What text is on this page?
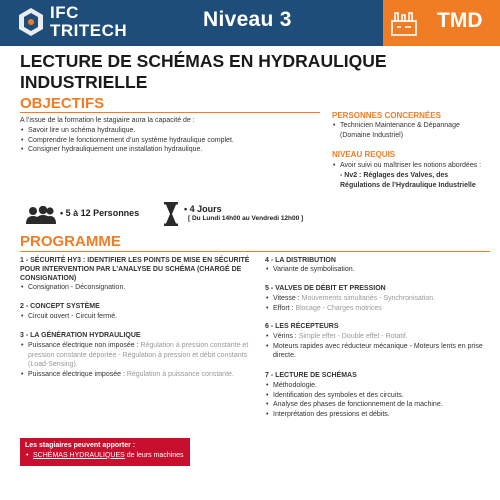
IFC
TRITECH	Niveau 3	TMD
LECTURE DE SCHÉMAS EN HYDRAULIQUE INDUSTRIELLE
OBJECTIFS
A l’issue de la formation le stagiaire aura la capacité de :
• Savoir lire un schéma hydraulique.
• Comprendre le fonctionnement d’un système hydraulique complet.
• Consigner hydrauliquement une installation hydraulique.
PERSONNES CONCERNÉES
• Technicien Maintenance & Dépannage (Domaine Industriel)
NIVEAU REQUIS
• Avoir suivi ou maîtriser les notions abordées :
- Nv2 : Réglages des Valves, des Régulations de l’Hydraulique Industrielle
• 5 à 12 Personnes	• 4 Jours
[ Du Lundi 14h00 au Vendredi 12h00 ]
PROGRAMME
1 - SÉCURITÉ HY3 : IDENTIFIER LES POINTS DE MISE EN SÉCURITÉ POUR INTERVENTION PAR L’ANALYSE DU SCHÉMA (CHARGÉ DE CONSIGNATION)
• Consignation - Déconsignation.
2 - CONCEPT SYSTÈME
• Circuit ouvert - Circuit fermé.
3 - LA GÉNÉRATION HYDRAULIQUE
• Puissance électrique non imposée : Régulation à pression constante et pression constante déportée - Régulation à pression et débit constants (Load-Sensing).
• Puissance électrique imposée : Régulation à puissance constante.
4 - LA DISTRIBUTION
• Variante de symbolisation.
5 - VALVES DE DÉBIT ET PRESSION
• Vitesse : Mouvements simultanés - Synchronisation.
• Effort : Blocage - Charges motrices
6 - LES RÉCEPTEURS
• Vérins : Simple effet - Double effet - Rotatif.
• Moteurs rapides avec réducteur mécanique - Moteurs lents en prise directe.
7 - LECTURE DE SCHÉMAS
• Méthodologie.
• Identification des symboles et des circuits.
• Analyse des phases de fonctionnement de la machine.
• Interprétation des pressions et débits.
Les stagiaires peuvent apporter :
• SCHÉMAS HYDRAULIQUES de leurs machines
